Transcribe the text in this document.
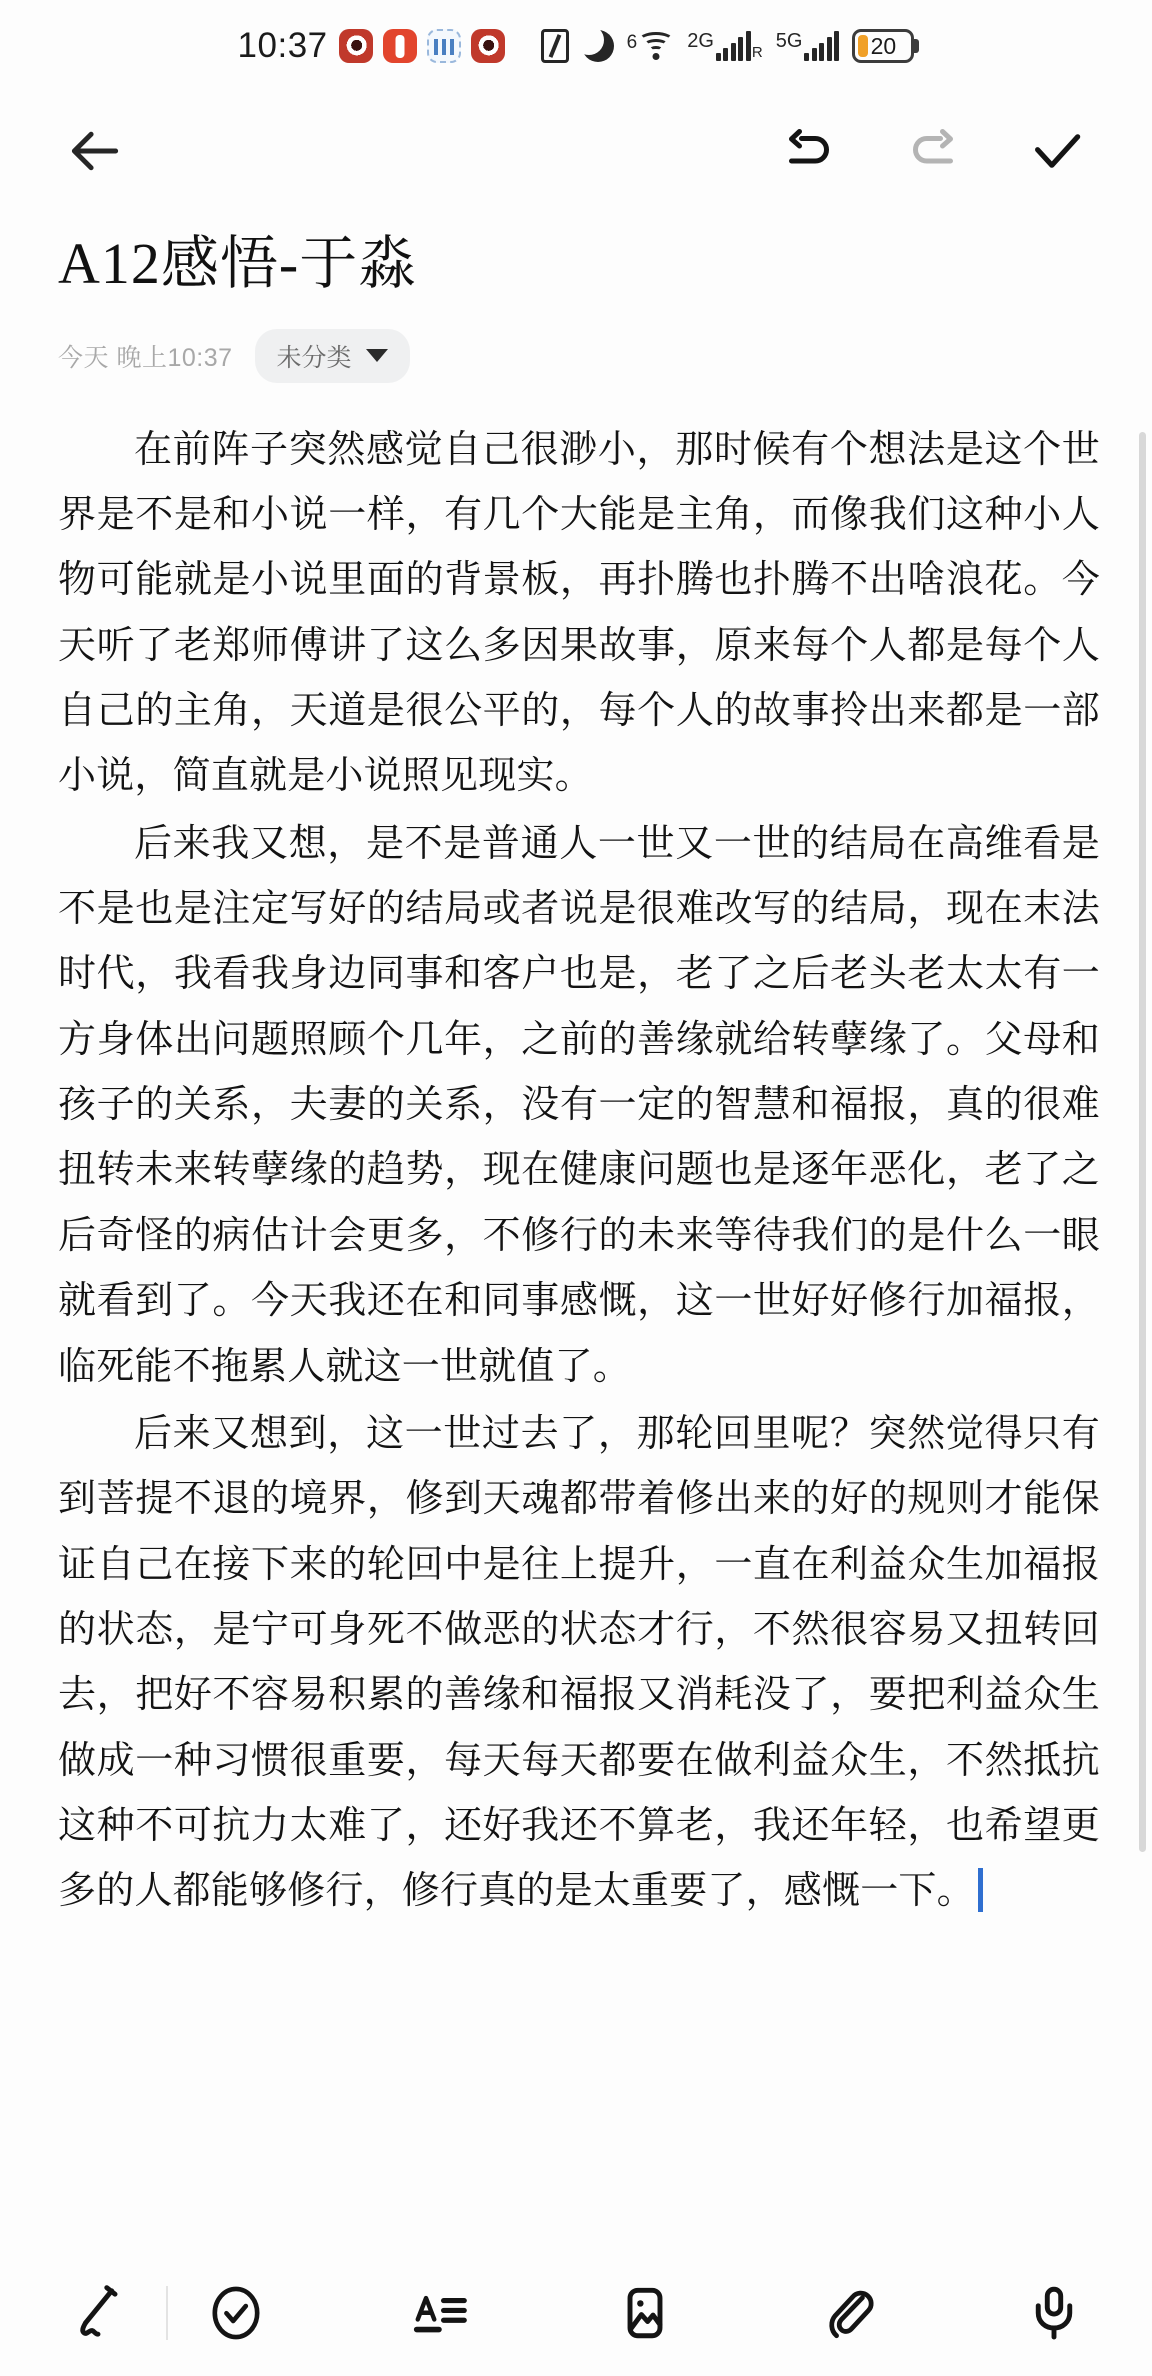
10:37	6	2G
R
5G	20
A12感悟-于淼
今天 晚上10:37 未分类

在前阵子突然感觉自己很渺小，那时候有个想法是这个世界是不是和小说一样，有几个大能是主角，而像我们这种小人物可能就是小说里面的背景板，再扑腾也扑腾不出啥浪花。今天听了老郑师傅讲了这么多因果故事，原来每个人都是每个人自己的主角，天道是很公平的，每个人的故事拎出来都是一部小说，简直就是小说照见现实。

后来我又想，是不是普通人一世又一世的结局在高维看是不是也是注定写好的结局或者说是很难改写的结局，现在末法时代，我看我身边同事和客户也是，老了之后老头老太太有一方身体出问题照顾个几年，之前的善缘就给转孽缘了。父母和孩子的关系，夫妻的关系，没有一定的智慧和福报，真的很难扭转未来转孽缘的趋势，现在健康问题也是逐年恶化，老了之后奇怪的病估计会更多，不修行的未来等待我们的是什么一眼就看到了。今天我还在和同事感慨，这一世好好修行加福报，临死能不拖累人就这一世就值了。

后来又想到，这一世过去了，那轮回里呢？突然觉得只有到菩提不退的境界，修到天魂都带着修出来的好的规则才能保证自己在接下来的轮回中是往上提升，一直在利益众生加福报的状态，是宁可身死不做恶的状态才行，不然很容易又扭转回去，把好不容易积累的善缘和福报又消耗没了，要把利益众生做成一种习惯很重要，每天每天都要在做利益众生，不然抵抗这种不可抗力太难了，还好我还不算老，我还年轻，也希望更多的人都能够修行，修行真的是太重要了，感慨一下。
